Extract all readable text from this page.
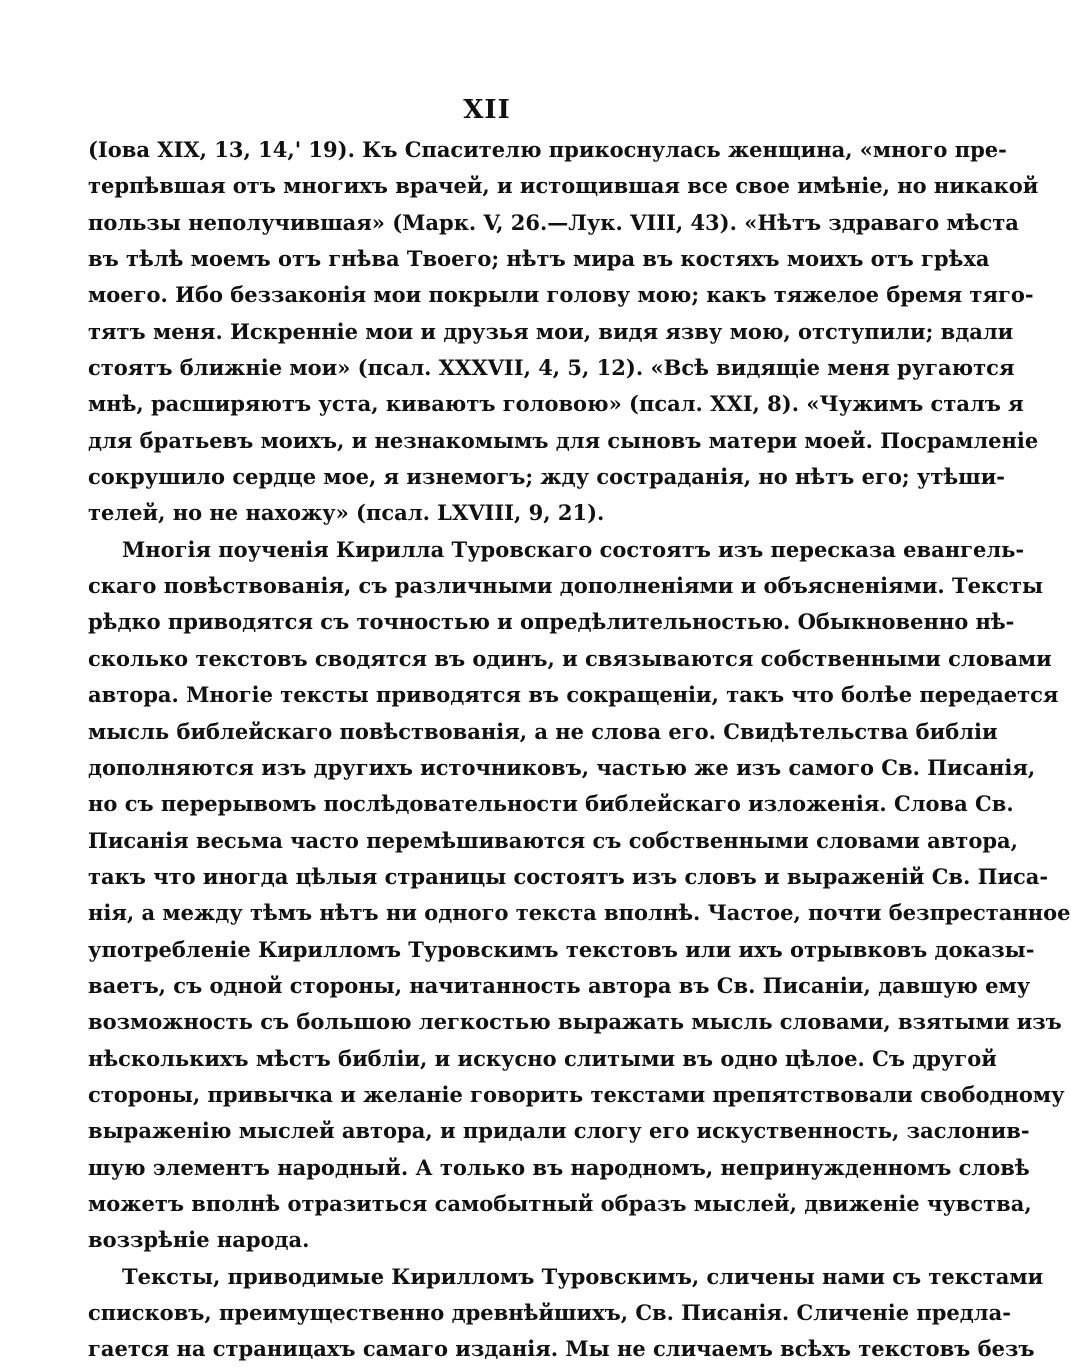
XII
(Іова XIX, 13, 14,' 19). Къ Спасителю прикоснулась женщина, «много пре-
терпѣвшая отъ многихъ врачей, и истощившая все свое имѣніе, но никакой
пользы неполучившая» (Марк. V, 26.—Лук. VIII, 43). «Нѣтъ здраваго мѣста
въ тѣлѣ моемъ отъ гнѣва Твоего; нѣтъ мира въ костяхъ моихъ отъ грѣха
моего. Ибо беззаконія мои покрыли голову мою; какъ тяжелое бремя тяго-
тятъ меня. Искренніе мои и друзья мои, видя язву мою, отступили; вдали
стоятъ ближніе мои» (псал. XXXVII, 4, 5, 12). «Всѣ видящіе меня ругаются
мнѣ, расширяютъ уста, киваютъ головою» (псал. XXI, 8). «Чужимъ сталъ я
для братьевъ моихъ, и незнакомымъ для сыновъ матери моей. Посрамленіе
сокрушило сердце мое, я изнемогъ; жду состраданія, но нѣтъ его; утѣши-
телей, но не нахожу» (псал. LXVIII, 9, 21).
Многія поученія Кирилла Туровскаго состоятъ изъ пересказа евангель-
скаго повѣствованія, съ различными дополненіями и объясненіями. Тексты
рѣдко приводятся съ точностью и опредѣлительностью. Обыкновенно нѣ-
сколько текстовъ сводятся въ одинъ, и связываются собственными словами
автора. Многіе тексты приводятся въ сокращеніи, такъ что болѣе передается
мысль библейскаго повѣствованія, а не слова его. Свидѣтельства библіи
дополняются изъ другихъ источниковъ, частью же изъ самого Св. Писанія,
но съ перерывомъ послѣдовательности библейскаго изложенія. Слова Св.
Писанія весьма часто перемѣшиваются съ собственными словами автора,
такъ что иногда цѣлыя страницы состоятъ изъ словъ и выраженій Св. Писа-
нія, а между тѣмъ нѣтъ ни одного текста вполнѣ. Частое, почти безпрестанное
употребленіе Кирилломъ Туровскимъ текстовъ или ихъ отрывковъ доказы-
ваетъ, съ одной стороны, начитанность автора въ Св. Писаніи, давшую ему
возможность съ большою легкостью выражать мысль словами, взятыми изъ
нѣсколькихъ мѣстъ библіи, и искусно слитыми въ одно цѣлое. Съ другой
стороны, привычка и желаніе говорить текстами препятствовали свободному
выраженію мыслей автора, и придали слогу его искуственность, заслонив-
шую элементъ народный. А только въ народномъ, непринужденномъ словѣ
можетъ вполнѣ отразиться самобытный образъ мыслей, движеніе чувства,
воззрѣніе народа.
Тексты, приводимые Кирилломъ Туровскимъ, сличены нами съ текстами
списковъ, преимущественно древнѣйшихъ, Св. Писанія. Сличеніе предла-
гается на страницахъ самаго изданія. Мы не сличаемъ всѣхъ текстовъ безъ
